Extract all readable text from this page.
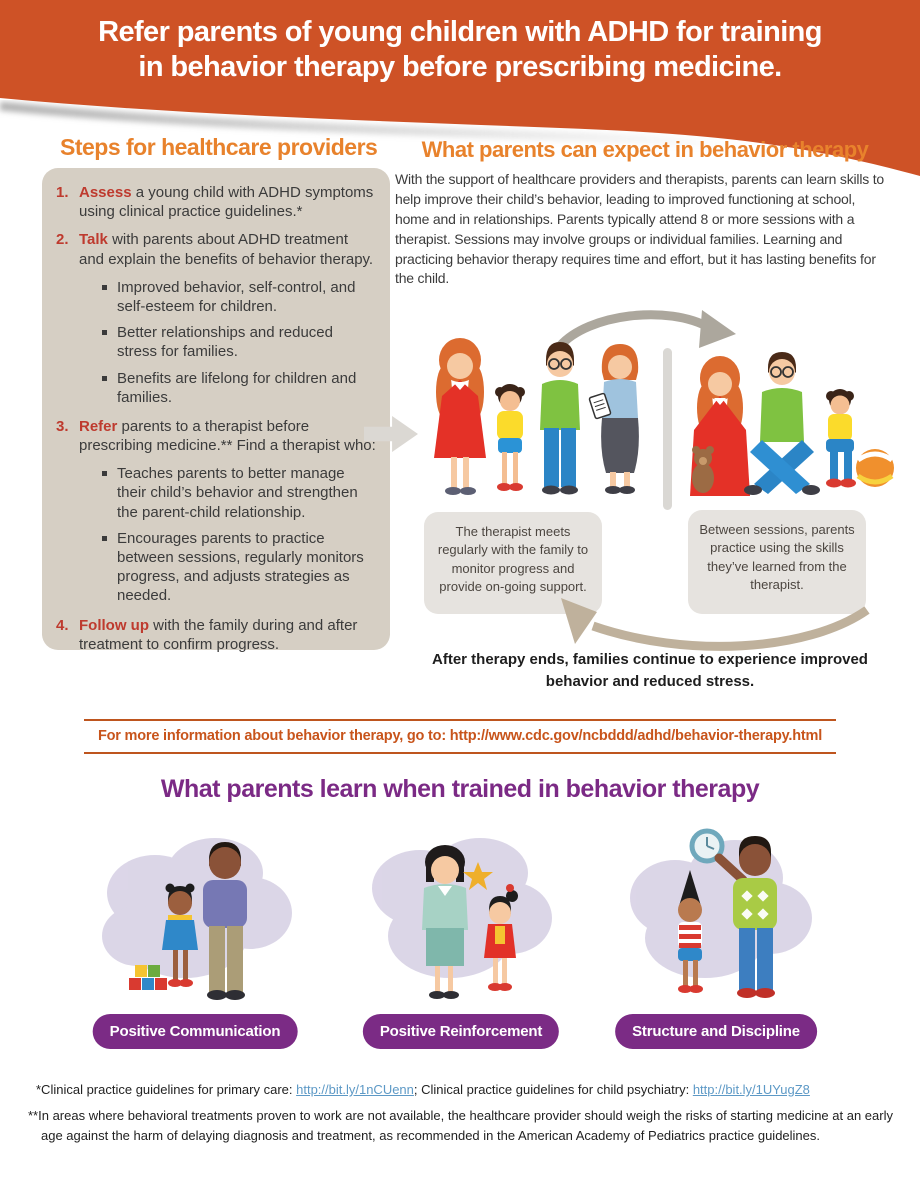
Refer parents of young children with ADHD for training
in behavior therapy before prescribing medicine.
Steps for healthcare providers
1. Assess a young child with ADHD symptoms using clinical practice guidelines.*
2. Talk with parents about ADHD treatment and explain the benefits of behavior therapy.
Improved behavior, self-control, and self-esteem for children.
Better relationships and reduced stress for families.
Benefits are lifelong for children and families.
3. Refer parents to a therapist before prescribing medicine.** Find a therapist who:
Teaches parents to better manage their child’s behavior and strengthen the parent-child relationship.
Encourages parents to practice between sessions, regularly monitors progress, and adjusts strategies as needed.
4. Follow up with the family during and after treatment to confirm progress.
What parents can expect in behavior therapy
With the support of healthcare providers and therapists, parents can learn skills to help improve their child’s behavior, leading to improved functioning at school, home and in relationships. Parents typically attend 8 or more sessions with a therapist. Sessions may involve groups or individual families. Learning and practicing behavior therapy requires time and effort, but it has lasting benefits for the child.
The therapist meets regularly with the family to monitor progress and provide on-going support.
Between sessions, parents practice using the skills they’ve learned from the therapist.
After therapy ends, families continue to experience improved behavior and reduced stress.
For more information about behavior therapy, go to: http://www.cdc.gov/ncbddd/adhd/behavior-therapy.html
What parents learn when trained in behavior therapy
Positive Communication	Positive Reinforcement	Structure and Discipline
*Clinical practice guidelines for primary care: http://bit.ly/1nCUenn; Clinical practice guidelines for child psychiatry: http://bit.ly/1UYugZ8
**In areas where behavioral treatments proven to work are not available, the healthcare provider should weigh the risks of starting medicine at an early age against the harm of delaying diagnosis and treatment, as recommended in the American Academy of Pediatrics practice guidelines.
